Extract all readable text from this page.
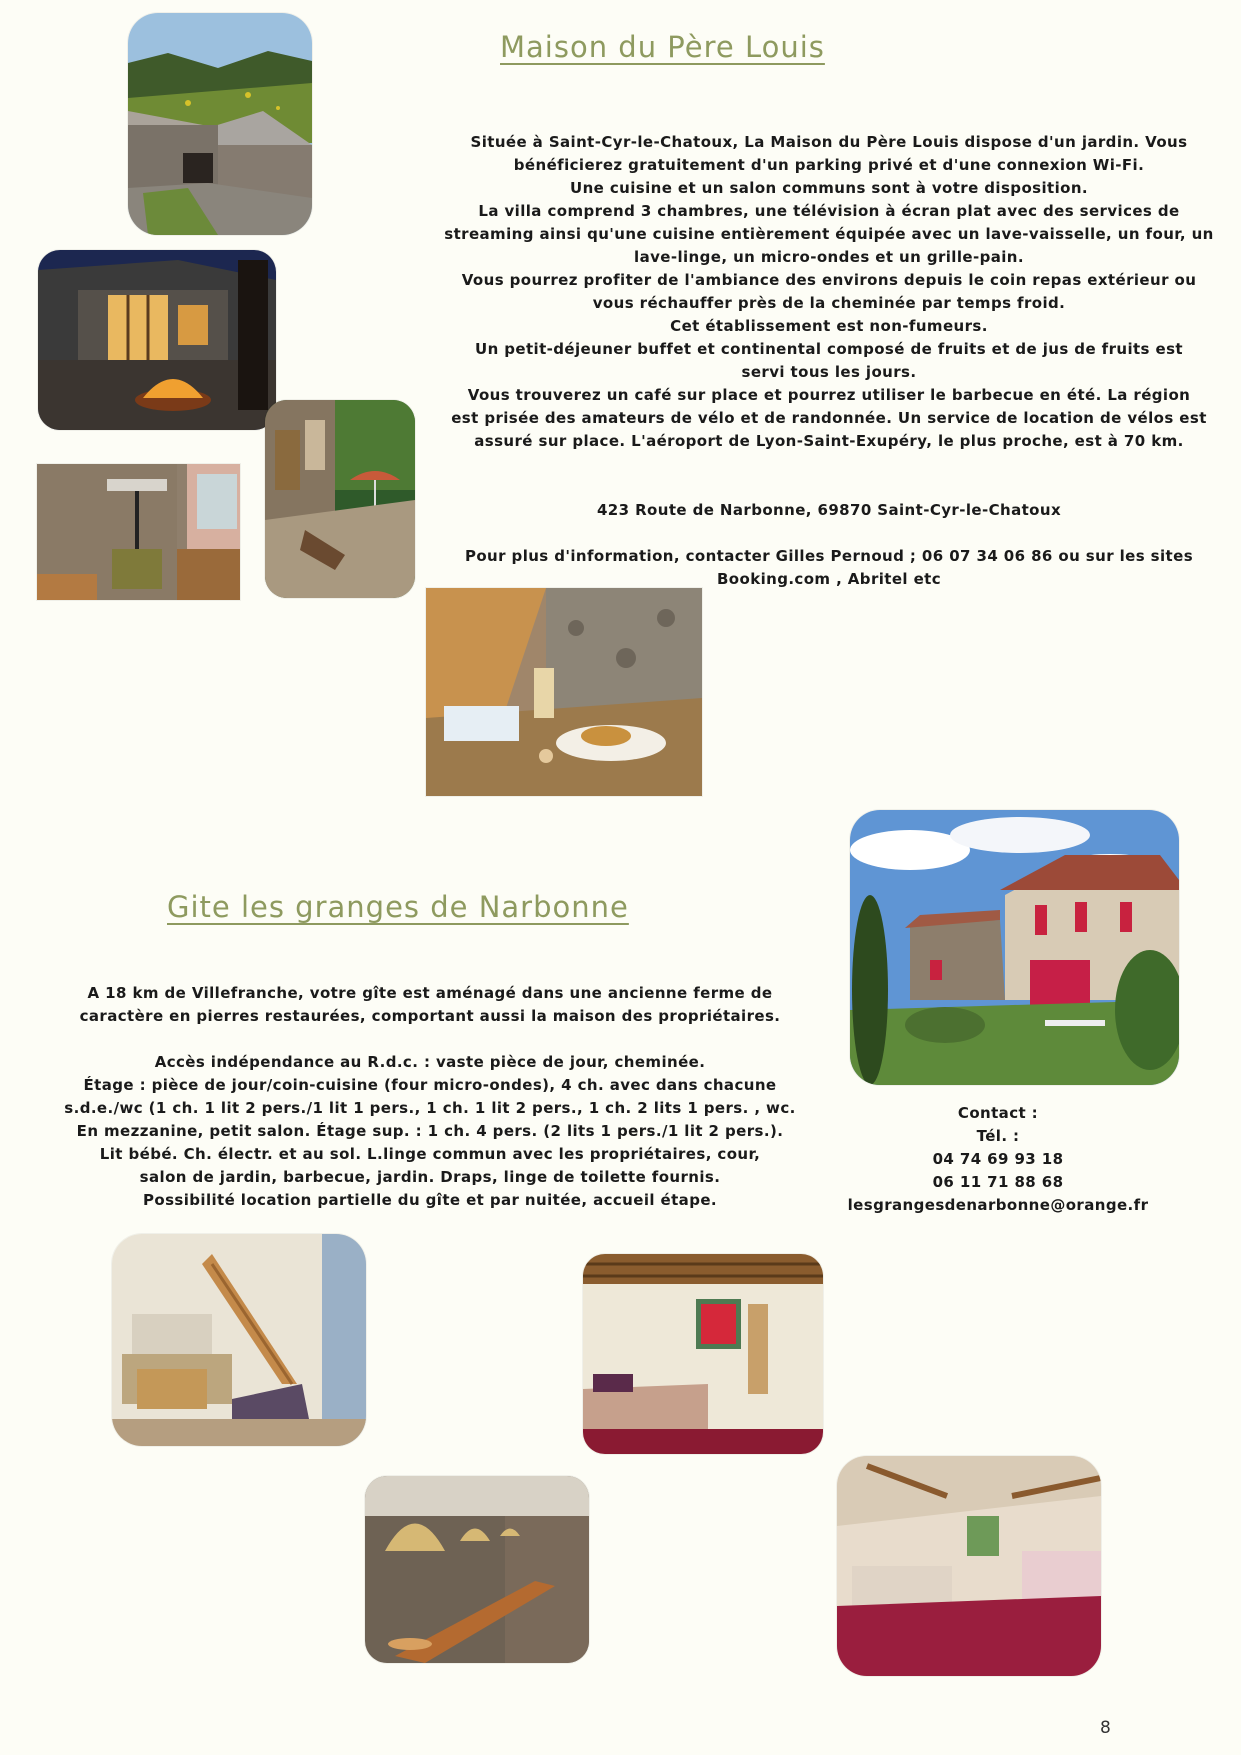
Maison du Père Louis

Située à Saint-Cyr-le-Chatoux, La Maison du Père Louis dispose d'un jardin. Vous

bénéficierez gratuitement d'un parking privé et d'une connexion Wi-Fi.

Une cuisine et un salon communs sont à votre disposition.

La villa comprend 3 chambres, une télévision à écran plat avec des services de

streaming ainsi qu'une cuisine entièrement équipée avec un lave-vaisselle, un four, un

lave-linge, un micro-ondes et un grille-pain.

Vous pourrez profiter de l'ambiance des environs depuis le coin repas extérieur ou

vous réchauffer près de la cheminée par temps froid.

Cet établissement est non-fumeurs.

Un petit-déjeuner buffet et continental composé de fruits et de jus de fruits est

servi tous les jours.

Vous trouverez un café sur place et pourrez utiliser le barbecue en été. La région

est prisée des amateurs de vélo et de randonnée. Un service de location de vélos est

assuré sur place. L'aéroport de Lyon-Saint-Exupéry, le plus proche, est à 70 km.

423 Route de Narbonne, 69870 Saint-Cyr-le-Chatoux

Pour plus d'information, contacter Gilles Pernoud ; 06 07 34 06 86 ou sur les sites

Booking.com , Abritel etc

Gite les granges de Narbonne

A 18 km de Villefranche, votre gîte est aménagé dans une ancienne ferme de

caractère en pierres restaurées, comportant aussi la maison des propriétaires.

Accès indépendance au R.d.c. : vaste pièce de jour, cheminée.

Étage : pièce de jour/coin-cuisine (four micro-ondes), 4 ch. avec dans chacune

s.d.e./wc (1 ch. 1 lit 2 pers./1 lit 1 pers., 1 ch. 1 lit 2 pers., 1 ch. 2 lits 1 pers. , wc.

En mezzanine, petit salon. Étage sup. : 1 ch. 4 pers. (2 lits 1 pers./1 lit 2 pers.).

Lit bébé. Ch. électr. et au sol. L.linge commun avec les propriétaires, cour,

salon de jardin, barbecue, jardin. Draps, linge de toilette fournis.

Possibilité location partielle du gîte et par nuitée, accueil étape.

Contact :

Tél. :

04 74 69 93 18

06 11 71 88 68

lesgrangesdenarbonne@orange.fr

8
